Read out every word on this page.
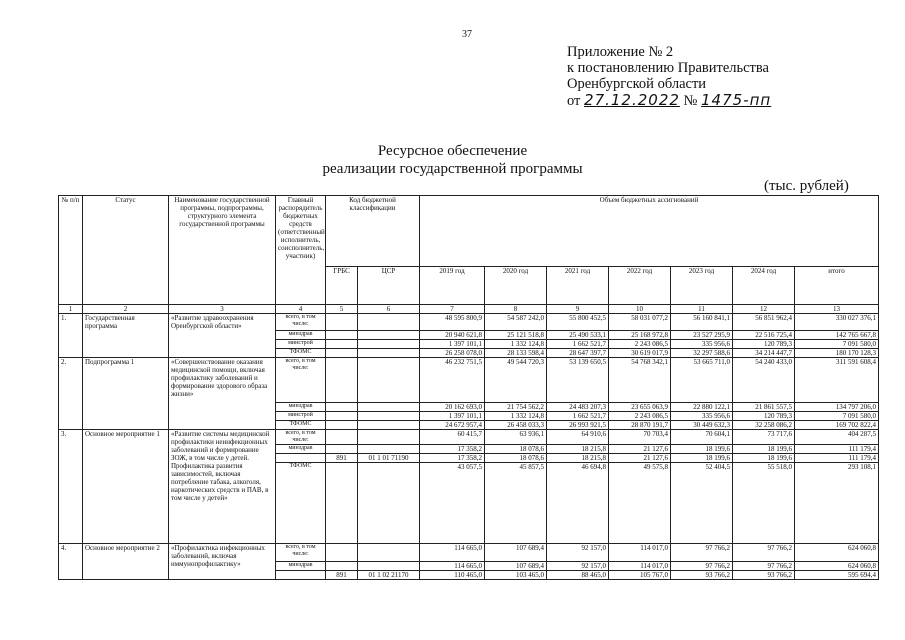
37
Приложение № 2
к постановлению Правительства
Оренбургской области
от 27.12.2022 № 1475-пп
Ресурсное обеспечение
реализации государственной программы
(тыс. рублей)
№ п/п	Статус	Наименование государственной программы, подпрограммы, структурного элемента государственной программы	Главный распорядитель бюджетных средств (ответственный исполнитель, соисполнитель, участник)	Код бюджетной классификации		Объем бюджетных ассигнований						
				ГРБС	ЦСР	2019 год	2020 год	2021 год	2022 год	2023 год	2024 год	итого
1	2	3	4	5	6	7	8	9	10	11	12	13
1.	Государственная программа	«Развитие здравоохранения Оренбургской области»	всего, в том числе:			48 595 800,9	54 587 242,0	55 800 452,5	58 031 077,2	56 160 841,1	56 851 962,4	330 027 376,1
			минздрав			20 940 621,8	25 121 518,8	25 490 533,1	25 168 972,8	23 527 295,9	22 516 725,4	142 765 667,8
			минстрой			1 397 101,1	1 332 124,8	1 662 521,7	2 243 086,5	335 956,6	120 789,3	7 091 580,0
			ТФОМС			26 258 078,0	28 133 598,4	28 647 397,7	30 619 017,9	32 297 588,6	34 214 447,7	180 170 128,3
2.	Подпрограмма 1	«Совершенствование оказания медицинской помощи, включая профилактику заболеваний и формирование здорового образа жизни»	всего, в том числе:			46 232 751,5	49 544 720,3	53 139 650,5	54 768 342,1	53 665 711,0	54 240 433,0	311 591 608,4
			минздрав			20 162 693,0	21 754 562,2	24 483 207,3	23 655 063,9	22 880 122,1	21 861 557,5	134 797 206,0
			минстрой			1 397 101,1	1 332 124,8	1 662 521,7	2 243 086,5	335 956,6	120 789,3	7 091 580,0
			ТФОМС			24 672 957,4	26 458 033,3	26 993 921,5	28 870 191,7	30 449 632,3	32 258 086,2	169 702 822,4
3.	Основное мероприятие 1	«Развитие системы медицинской профилактики неинфекционных заболеваний и формирование ЗОЖ, в том числе у детей. Профилактика развития зависимостей, включая потребление табака, алкоголя, наркотических средств и ПАВ, в том числе у детей»	всего, в том числе:			60 415,7	63 936,1	64 910,6	70 703,4	70 604,1	73 717,6	404 287,5
			минздрав			17 358,2	18 078,6	18 215,8	21 127,6	18 199,6	18 199,6	111 179,4
				891	01 1 01 71190	17 358,2	18 078,6	18 215,8	21 127,6	18 199,6	18 199,6	111 179,4
			ТФОМС			43 057,5	45 857,5	46 694,8	49 575,8	52 404,5	55 518,0	293 108,1
4.	Основное мероприятие 2	«Профилактика инфекционных заболеваний, включая иммунопрофилактику»	всего, в том числе:			114 665,0	107 689,4	92 157,0	114 017,0	97 766,2	97 766,2	624 060,8
			минздрав			114 665,0	107 689,4	92 157,0	114 017,0	97 766,2	97 766,2	624 060,8
				891	01 1 02 21170	110 465,0	103 465,0	88 465,0	105 767,0	93 766,2	93 766,2	595 694,4
